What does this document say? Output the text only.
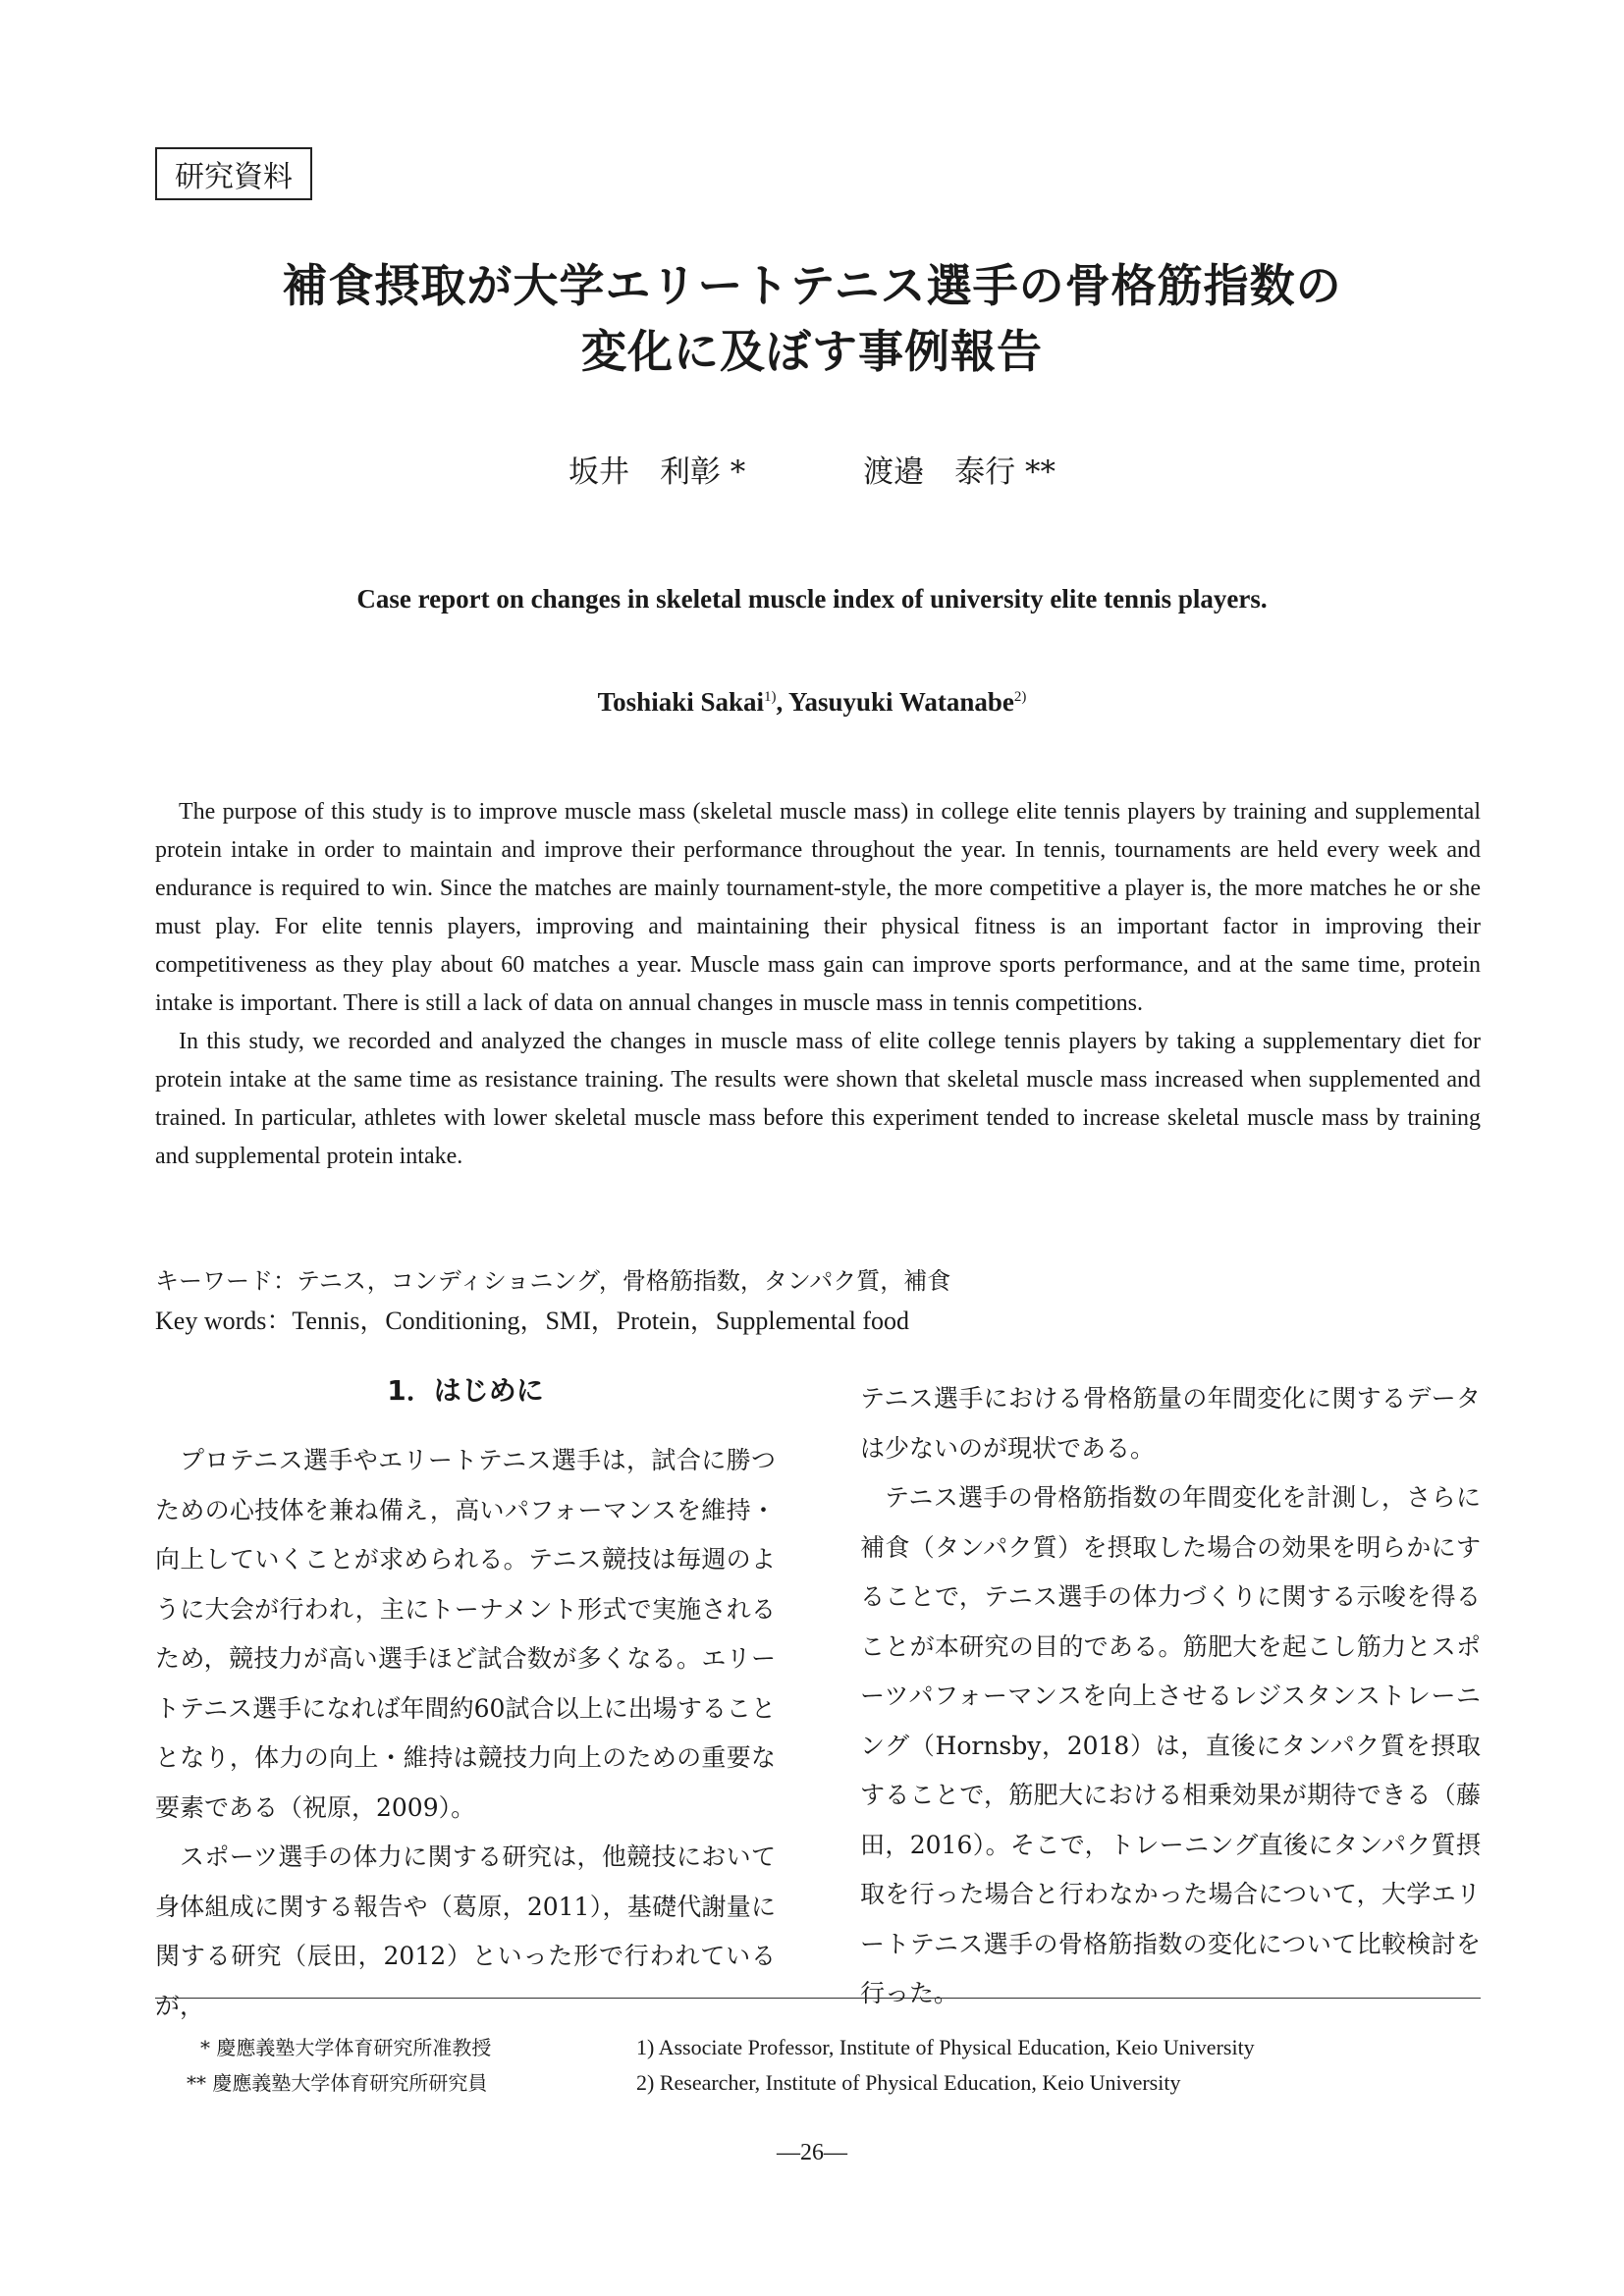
研究資料
補食摂取が大学エリートテニス選手の骨格筋指数の
変化に及ぼす事例報告
坂井　利彰 *	渡邉　泰行 **
Case report on changes in skeletal muscle index of university elite tennis players.
Toshiaki Sakai$^{1)}$, Yasuyuki Watanabe$^{2)}$

The purpose of this study is to improve muscle mass (skeletal muscle mass) in college elite tennis players by training and supplemental protein intake in order to maintain and improve their performance throughout the year. In tennis, tournaments are held every week and endurance is required to win. Since the matches are mainly tournament-style, the more competitive a player is, the more matches he or she must play. For elite tennis players, improving and maintaining their physical fitness is an important factor in improving their competitiveness as they play about 60 matches a year. Muscle mass gain can improve sports performance, and at the same time, protein intake is important. There is still a lack of data on annual changes in muscle mass in tennis competitions.

In this study, we recorded and analyzed the changes in muscle mass of elite college tennis players by taking a supplementary diet for protein intake at the same time as resistance training. The results were shown that skeletal muscle mass increased when supplemented and trained. In particular, athletes with lower skeletal muscle mass before this experiment tended to increase skeletal muscle mass by training and supplemental protein intake.

キーワード：テニス，コンディショニング，骨格筋指数，タンパク質，補食
Key words：Tennis，Conditioning，SMI，Protein，Supplemental food
1．はじめに

プロテニス選手やエリートテニス選手は，試合に勝つための心技体を兼ね備え，高いパフォーマンスを維持・向上していくことが求められる。テニス競技は毎週のように大会が行われ，主にトーナメント形式で実施されるため，競技力が高い選手ほど試合数が多くなる。エリートテニス選手になれば年間約60試合以上に出場することとなり，体力の向上・維持は競技力向上のための重要な要素である（祝原，2009）。

スポーツ選手の体力に関する研究は，他競技において身体組成に関する報告や（葛原，2011），基礎代謝量に関する研究（辰田，2012）といった形で行われているが，

テニス選手における骨格筋量の年間変化に関するデータは少ないのが現状である。

テニス選手の骨格筋指数の年間変化を計測し，さらに補食（タンパク質）を摂取した場合の効果を明らかにすることで，テニス選手の体力づくりに関する示唆を得ることが本研究の目的である。筋肥大を起こし筋力とスポーツパフォーマンスを向上させるレジスタンストレーニング（Hornsby，2018）は，直後にタンパク質を摂取することで，筋肥大における相乗効果が期待できる（藤田，2016）。そこで，トレーニング直後にタンパク質摂取を行った場合と行わなかった場合について，大学エリートテニス選手の骨格筋指数の変化について比較検討を行った。

* 慶應義塾大学体育研究所准教授
** 慶應義塾大学体育研究所研究員
1) Associate Professor, Institute of Physical Education, Keio University
2) Researcher, Institute of Physical Education, Keio University
―26―
